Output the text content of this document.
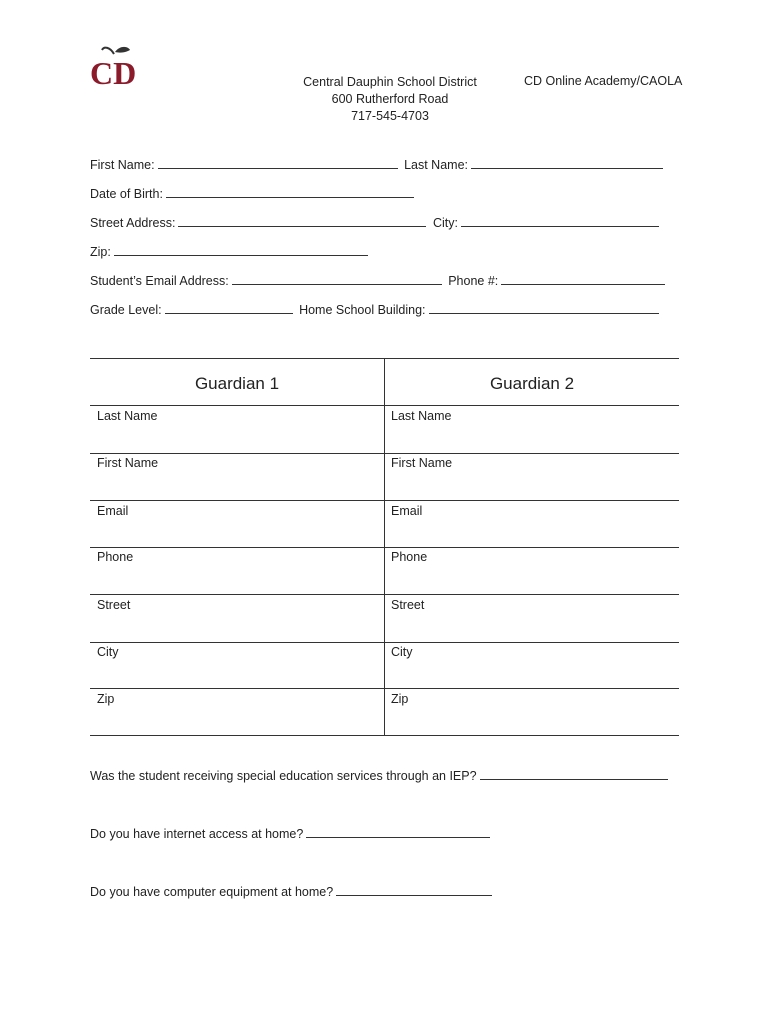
CD	Central Dauphin School District
600 Rutherford Road
717-545-4703
CD Online Academy/CAOLA
First Name:	Last Name:
Date of Birth:
Street Address:	City:
Zip:
Student’s Email Address:	Phone #:
Grade Level:	Home School Building:
Guardian 1	Guardian 2
Last Name	Last Name
First Name	First Name
Email	Email
Phone	Phone
Street	Street
City	City
Zip	Zip
Was the student receiving special education services through an IEP?
Do you have internet access at home?
Do you have computer equipment at home?
